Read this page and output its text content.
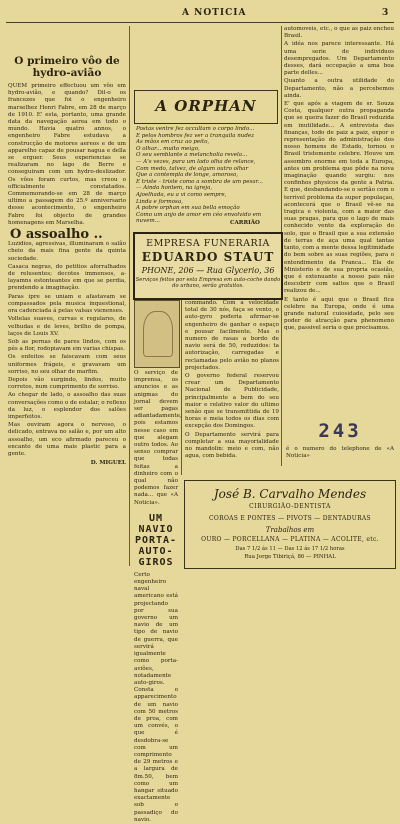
A NOTICIA	3
O primeiro vôo de hydro-avião

QUEM primeiro effectuou um vôo em hydro-avião, e quando? Dil-o os francezes que foi o engenheiro marselhez Henri Fabre, em 28 de março de 1910. E' esta, portanto, uma grande data da navegação aerea em todo o mundo. Havia quatro annos, o engenheiro Fabre estudava a construcção de motores aereos e de um apparelho capaz de pousar nagua e della se erguer. Seus experiencias se realizaram no lago de Berre e conseguiram com um hydro-deslizador. Os vôos foram curtos, mas creou o officialmente constatados. Commemorando-se em 28 de março ultimo a passagem do 25.º anniversario desse acontecimento, o engenheiro Fabre foi objecto de grandes homenagens em Marselha.

O assoalho ..

Luzidios, agressivas, illuminaram o salão cheio da mais fina gente da quinta sociedade.

Casaca negras, do petitios aforralhados de relusentes; decotes immensos, a-layamns estonteantes em que se perdia, prendendo a imaginação.

Paras ipre se uniam e afastavam se compassados pela musica inquestional, ora cadenciada á pelas valsas vienenses.

Voltelas suaves, curvas e regulares, de velhudas e de leves, brilho de pompa, laços de Louis XV.

Sob as pernas de pares lindos, com os pés a flor, rodopiavam em varias chispas.

Os enfeitos se faiscavam com seus uniformes frágeis, e gravavam um sorriso, no seu olhar de marfim.

Depois vão surgindo, lindos, muito corretos, num cumprimento de sorriso.

Ao chegar de lado, o assoalho das suas conversações como o de estalar, o reflexo da luz, o esplendor dos salões imperfeitos.

Mas ouviram agora o nervoso, o delicado, entrava no salão e, por um alto assoalho, um eco afirmado pareceu o encanto de uma mais plastic para a gente.

D. MIGUEL
A ORPHAN

Postas ventre fez occultam o corpo lindo...

E pelos hombros fez ver a tranquila nudez

As mãos em cruz ao peito,

O olhar... muito meigo,

O seu semblante a melancholia revela...

— A's vezes, para um lado olha de relance,

Com medo, talvez, de algum outro olhar

Que a contempla de longe, amoroso,

E triste – triste como a sombra de um pesar...

— Ainda hontem, na igreja,

Ajoelhada, eu a vi como sempre,

Linda e formosa,

A pobre orphan em sua bella emoção

Como um anjo de amor em céo envolvido em nuvem...	CARRIÃO
EMPRESA FUNERARIA
EDUARDO STAUT
PHONE, 206 — Rua Glycerio, 36
Serviços feitos por esta Empresa em auto-coche dando do urbano, serão gratuitos.

O serviço de imprensa, os anuncios e as anigmas do jornal devem ser pagas adiantadamente, pois estamos nesse caso em que alegam outro todos. Ao senso comprar que todas feitas a dinheiro com o qual não podemos fazer nada... que «A Noticia».

UM NAVIO PORTA-AUTO-GIROS

Certo engenheiro naval americano está projectando por sua governo um navio de um tipo de navio de guerra, que servirá igualmente como porta-aviões, notadamente auto-giros. Consta o apparecimento de um navio com 50 metros de proa, com um convés, o que é desdobra-se com um comprimento de 29 metros e a largura de 8m.50, bem como um hangar situado exactamente sob o passadiço do navio.

commando. Com a velocidade total de 30 nós, faça se vento, o auto-gyro poderia afirmar-se engenheiro de ganhar o espaço e pousar facilmente. Mas o numero de rasas a bordo de navio será de 50, reduzidos: ta autorização, carregadas e reclamadas pelo avião no planos projectados.

O governo federal reservou crear um Departamento Nacional de Publicidade, principalmente a bem do seu maior e relativo valor do ultimo senão que se transmittida de 19 horas e meia todos os dias com excepção dos Domingos.

O Departamento servirá para completar a sua mayorialidade no mandolin: meio e com, não agua, com bebida.

automoveis, etc., o que as paiz encheu Brasil.

A idéa nos parece interessante. Há uma serie de individuos desempregados. Um Departamento desses, dará occupação a uma boa parte delles...

Quanto a outra utilidade do Departamento, não a percebemos ainda.

E' que após a viagem de sr. Souza Costa, qualquer outra propaganda que se queira fazer do Brasil reduzida em inutilidade... A entrevista das finanças, todo de paiz a paiz, expor o representação do administração dos nosso homens de Estado, tornou o Brasil tristemente celebre. Houve um assombro enorme em toda a Europa, antes um problema que pôde na nova imaginação quando surgiu: nos confinhos physicos da gente a Patria. E que, desbandando-se o sertão com o terrivel problema da super populaçao, acontecerá que o Brasil vê-se na tragica e violenta, com a maior das suas pragas, para que o lago de mais conhecido vento da exploração do solo, que o Brasil que a sua extensão de terras de aça uma qual tantas tanto, com a mente dessa legitimidade do bem sobre as suas regiões, para o entendimento da Franca... Ela de Ministerio e de sua propria ocasião, que é extenuante a nosso pais não descobrir com saltos que o Brasil realizou de...

E tanto é aqui que o Brasil fica celebre na Europa, onde é uma grande naturaI cuiosidade, pelo seu poder de atracção para phenomeno que, passivel seria o que precisamos.

243
é o numero do telephone de «A Noticia»
José B. Carvalho Mendes
CIRURGIÃO-DENTISTA
COROAS E PONTES — PIVOTS — DENTADURAS
Trabalhos em
OURO — PORCELLANA — PLATINA — ACOLITE, etc.
Das 7 1/2 ás 11 — Das 12 ás 17 1/2 horas
Rua Jorge Tibiriçá, 86 — PINHAL
